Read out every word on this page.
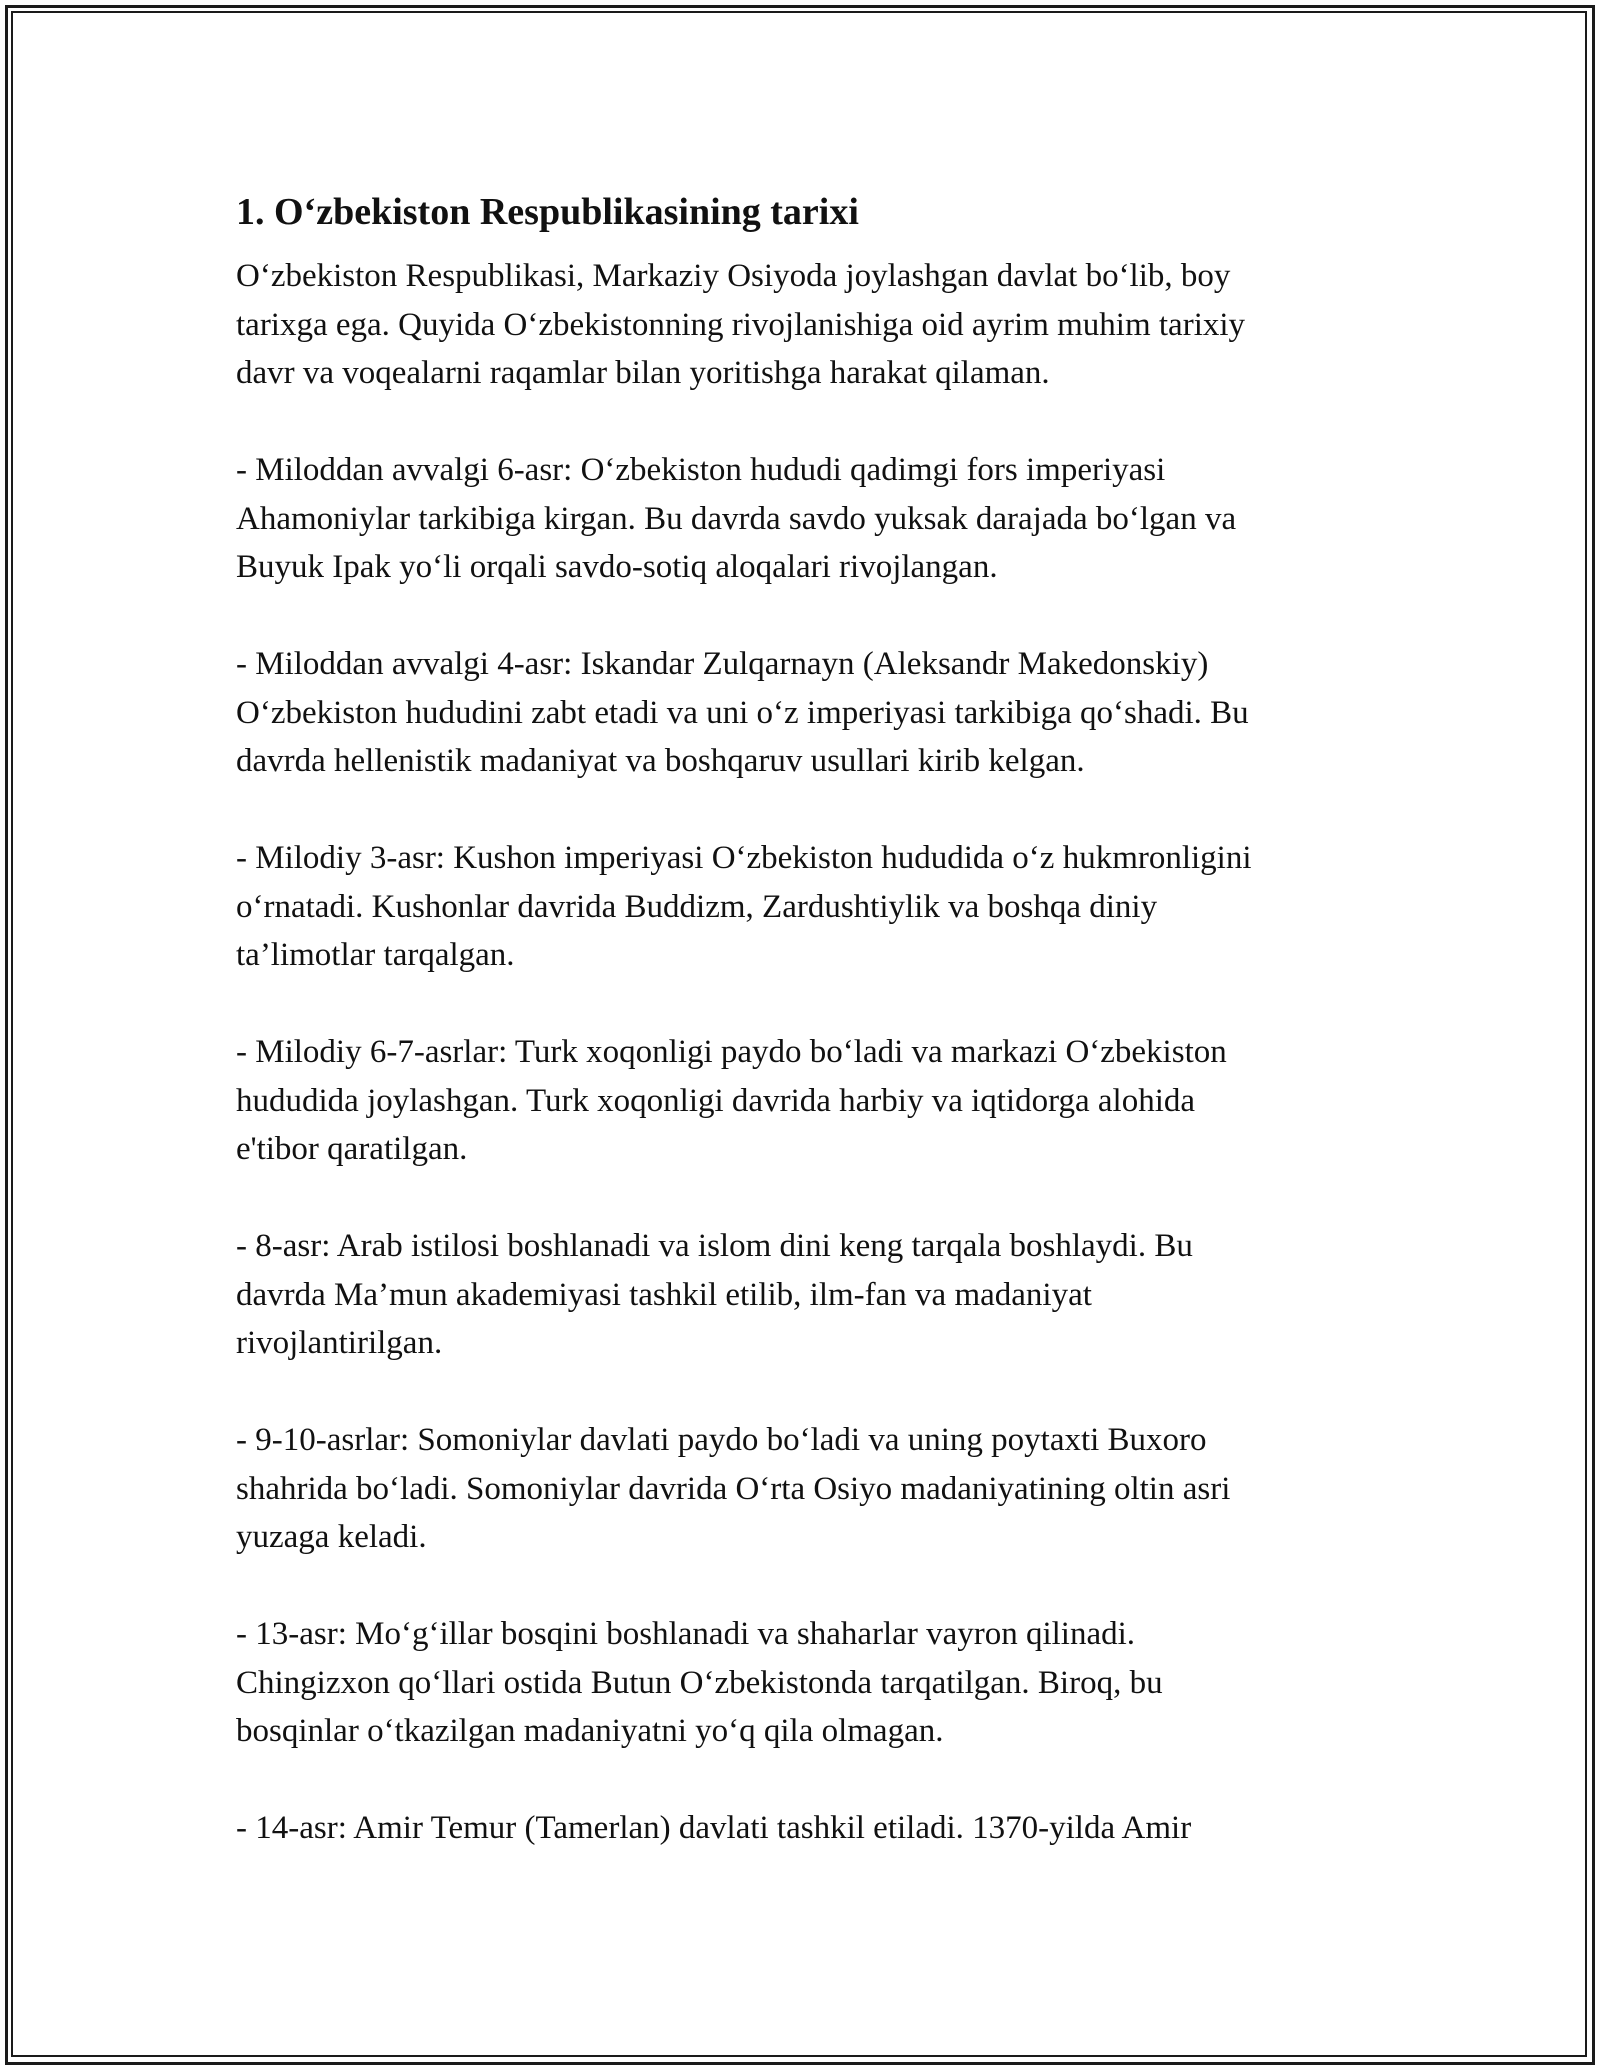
1. O‘zbekiston Respublikasining tarixi

O‘zbekiston Respublikasi, Markaziy Osiyoda joylashgan davlat bo‘lib, boy
tarixga ega. Quyida O‘zbekistonning rivojlanishiga oid ayrim muhim tarixiy
davr va voqealarni raqamlar bilan yoritishga harakat qilaman.

- Miloddan avvalgi 6-asr: O‘zbekiston hududi qadimgi fors imperiyasi
Ahamoniylar tarkibiga kirgan. Bu davrda savdo yuksak darajada bo‘lgan va
Buyuk Ipak yo‘li orqali savdo-sotiq aloqalari rivojlangan.

- Miloddan avvalgi 4-asr: Iskandar Zulqarnayn (Aleksandr Makedonskiy)
O‘zbekiston hududini zabt etadi va uni o‘z imperiyasi tarkibiga qo‘shadi. Bu
davrda hellenistik madaniyat va boshqaruv usullari kirib kelgan.

- Milodiy 3-asr: Kushon imperiyasi O‘zbekiston hududida o‘z hukmronligini
o‘rnatadi. Kushonlar davrida Buddizm, Zardushtiylik va boshqa diniy
ta’limotlar tarqalgan.

- Milodiy 6-7-asrlar: Turk xoqonligi paydo bo‘ladi va markazi O‘zbekiston
hududida joylashgan. Turk xoqonligi davrida harbiy va iqtidorga alohida
e'tibor qaratilgan.

- 8-asr: Arab istilosi boshlanadi va islom dini keng tarqala boshlaydi. Bu
davrda Ma’mun akademiyasi tashkil etilib, ilm-fan va madaniyat
rivojlantirilgan.

- 9-10-asrlar: Somoniylar davlati paydo bo‘ladi va uning poytaxti Buxoro
shahrida bo‘ladi. Somoniylar davrida O‘rta Osiyo madaniyatining oltin asri
yuzaga keladi.

- 13-asr: Mo‘g‘illar bosqini boshlanadi va shaharlar vayron qilinadi.
Chingizxon qo‘llari ostida Butun O‘zbekistonda tarqatilgan. Biroq, bu
bosqinlar o‘tkazilgan madaniyatni yo‘q qila olmagan.

- 14-asr: Amir Temur (Tamerlan) davlati tashkil etiladi. 1370-yilda Amir
